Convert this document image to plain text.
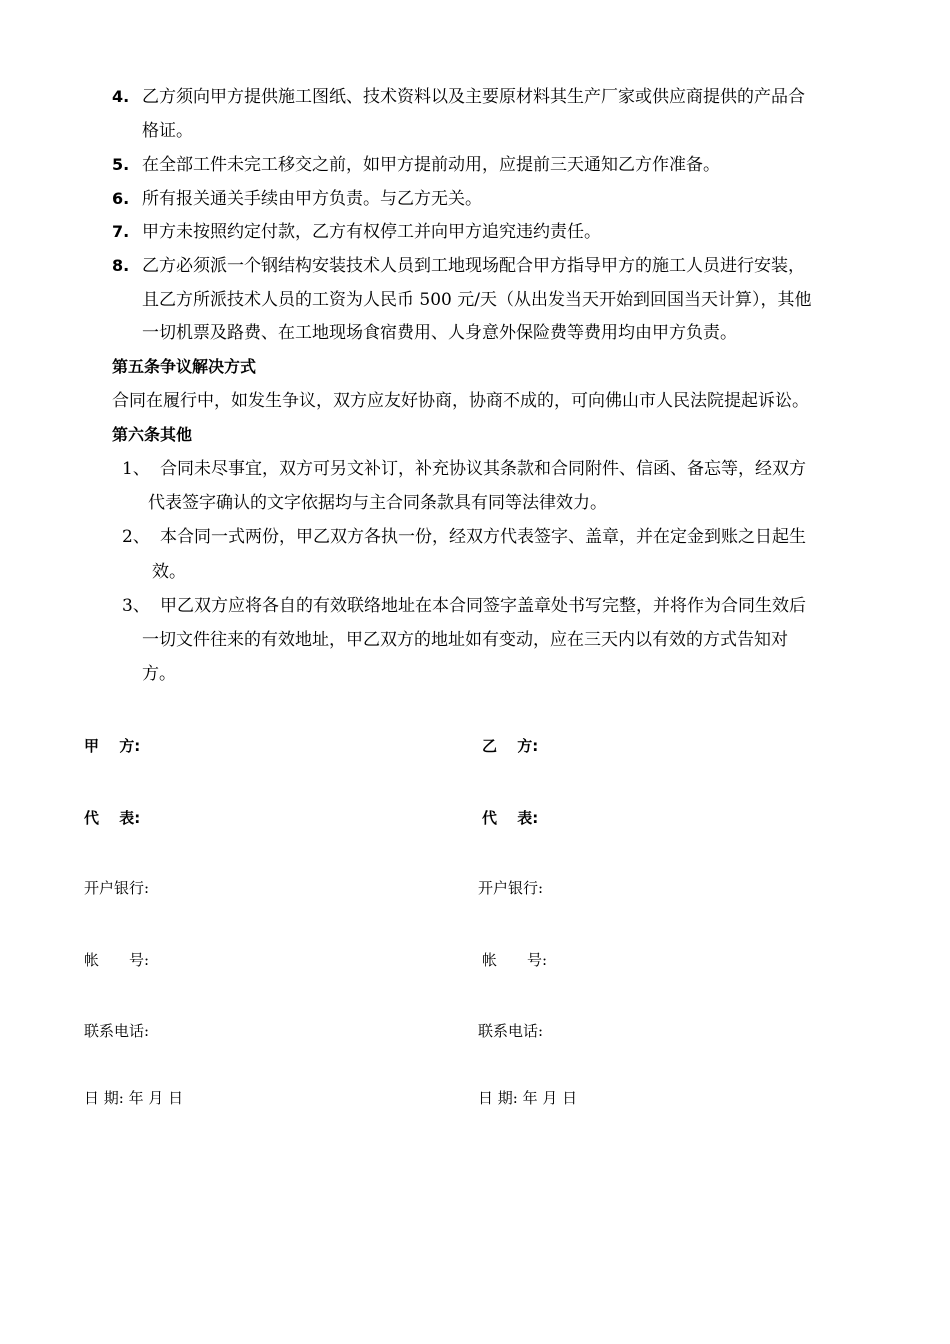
4. 乙方须向甲方提供施工图纸、技术资料以及主要原材料其生产厂家或供应商提供的产品合
格证。
5. 在全部工件未完工移交之前，如甲方提前动用，应提前三天通知乙方作准备。
6. 所有报关通关手续由甲方负责。与乙方无关。
7. 甲方未按照约定付款，乙方有权停工并向甲方追究违约责任。
8. 乙方必须派一个钢结构安装技术人员到工地现场配合甲方指导甲方的施工人员进行安装，
且乙方所派技术人员的工资为人民币 500 元/天（从出发当天开始到回国当天计算），其他
一切机票及路费、在工地现场食宿费用、人身意外保险费等费用均由甲方负责。
第五条争议解决方式
合同在履行中，如发生争议，双方应友好协商，协商不成的，可向佛山市人民法院提起诉讼。
第六条其他
1、 合同未尽事宜，双方可另文补订，补充协议其条款和合同附件、信函、备忘等，经双方
代表签字确认的文字依据均与主合同条款具有同等法律效力。
2、 本合同一式两份，甲乙双方各执一份，经双方代表签字、盖章，并在定金到账之日起生
效。
3、 甲乙双方应将各自的有效联络地址在本合同签字盖章处书写完整，并将作为合同生效后
一切文件往来的有效地址，甲乙双方的地址如有变动，应在三天内以有效的方式告知对
方。
甲　 方:
代　 表:
开户银行:
帐　　号:
联系电话:
日 期: 年 月 日
乙　 方:
代　 表:
开户银行:
帐　　号:
联系电话:
日 期: 年 月 日
